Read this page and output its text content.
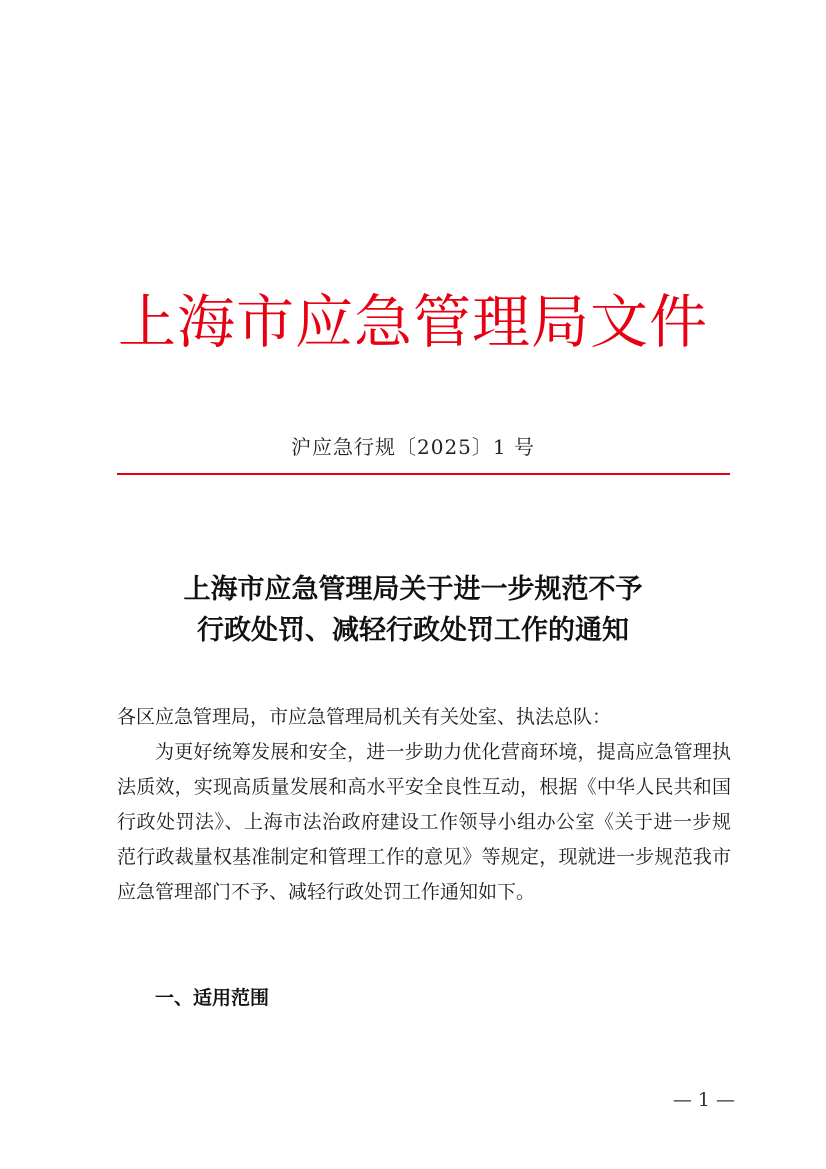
上海市应急管理局文件
沪应急行规〔2025〕1 号
上海市应急管理局关于进一步规范不予
行政处罚、减轻行政处罚工作的通知

各区应急管理局，市应急管理局机关有关处室、执法总队：

为更好统筹发展和安全，进一步助力优化营商环境，提高应急管理执法质效，实现高质量发展和高水平安全良性互动，根据《中华人民共和国行政处罚法》、上海市法治政府建设工作领导小组办公室《关于进一步规范行政裁量权基准制定和管理工作的意见》等规定，现就进一步规范我市应急管理部门不予、减轻行政处罚工作通知如下。

一、适用范围
— 1 —
